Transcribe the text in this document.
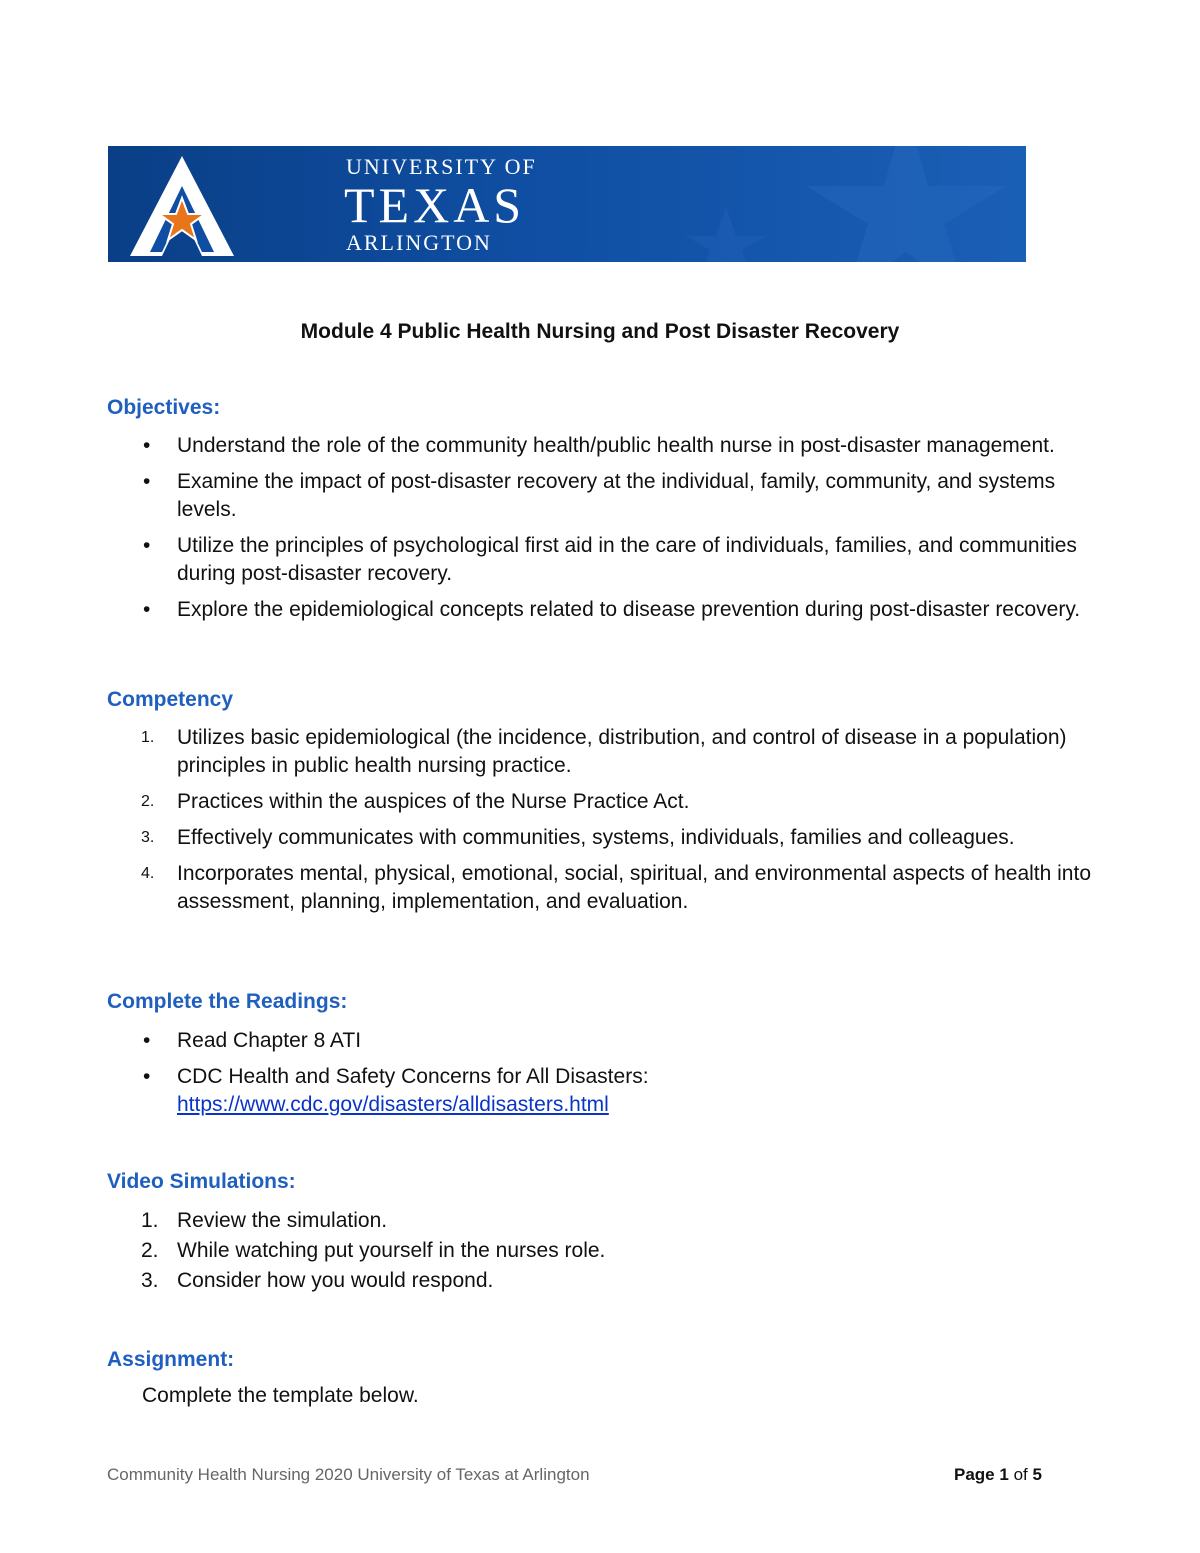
UNIVERSITY OF
TEXAS
ARLINGTON
Module 4 Public Health Nursing and Post Disaster Recovery
Objectives:
• Understand the role of the community health/public health nurse in post-disaster management.
• Examine the impact of post-disaster recovery at the individual, family, community, and systems levels.
• Utilize the principles of psychological first aid in the care of individuals, families, and communities during post-disaster recovery.
• Explore the epidemiological concepts related to disease prevention during post-disaster recovery.
Competency
1. Utilizes basic epidemiological (the incidence, distribution, and control of disease in a population) principles in public health nursing practice.
2. Practices within the auspices of the Nurse Practice Act.
3. Effectively communicates with communities, systems, individuals, families and colleagues.
4. Incorporates mental, physical, emotional, social, spiritual, and environmental aspects of health into assessment, planning, implementation, and evaluation.
Complete the Readings:
• Read Chapter 8 ATI
• CDC Health and Safety Concerns for All Disasters:
https://www.cdc.gov/disasters/alldisasters.html
Video Simulations:
1. Review the simulation.
2. While watching put yourself in the nurses role.
3. Consider how you would respond.
Assignment:
Complete the template below.
Community Health Nursing 2020 University of Texas at Arlington	Page 1 of 5
